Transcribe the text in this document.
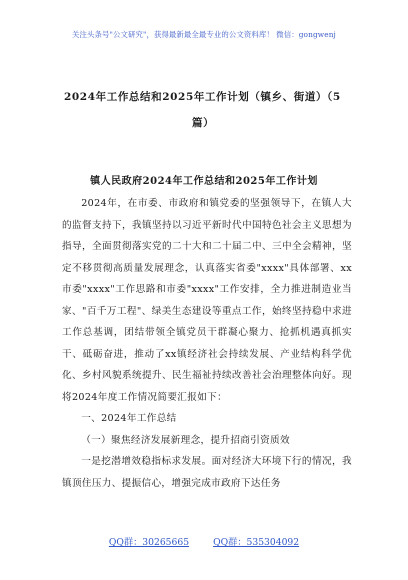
关注头条号"公文研究"，获得最新最全最专业的公文资料库！ 微信：gongwenj
2024年工作总结和2025年工作计划（镇乡、街道）（5
篇）
镇人民政府2024年工作总结和2025年工作计划

2024年，在市委、市政府和镇党委的坚强领导下，在镇人大的监督支持下，我镇坚持以习近平新时代中国特色社会主义思想为指导，全面贯彻落实党的二十大和二十届二中、三中全会精神，坚定不移贯彻高质量发展理念，认真落实省委"xxxx"具体部署、xx市委"xxxx"工作思路和市委"xxxx"工作安排，全力推进制造业当家、"百千万工程"、绿美生态建设等重点工作，始终坚持稳中求进工作总基调，团结带领全镇党员干群凝心聚力、抢抓机遇真抓实干、砥砺奋进，推动了xx镇经济社会持续发展、产业结构科学优化、乡村风貌系统提升、民生福祉持续改善社会治理整体向好。现将2024年度工作情况简要汇报如下：

一、2024年工作总结

（一）聚焦经济发展新理念，提升招商引资质效

一是挖潜增效稳指标求发展。面对经济大环境下行的情况，我镇顶住压力、提振信心，增强完成市政府下达任务

QQ群：30265665	QQ群：535304092
